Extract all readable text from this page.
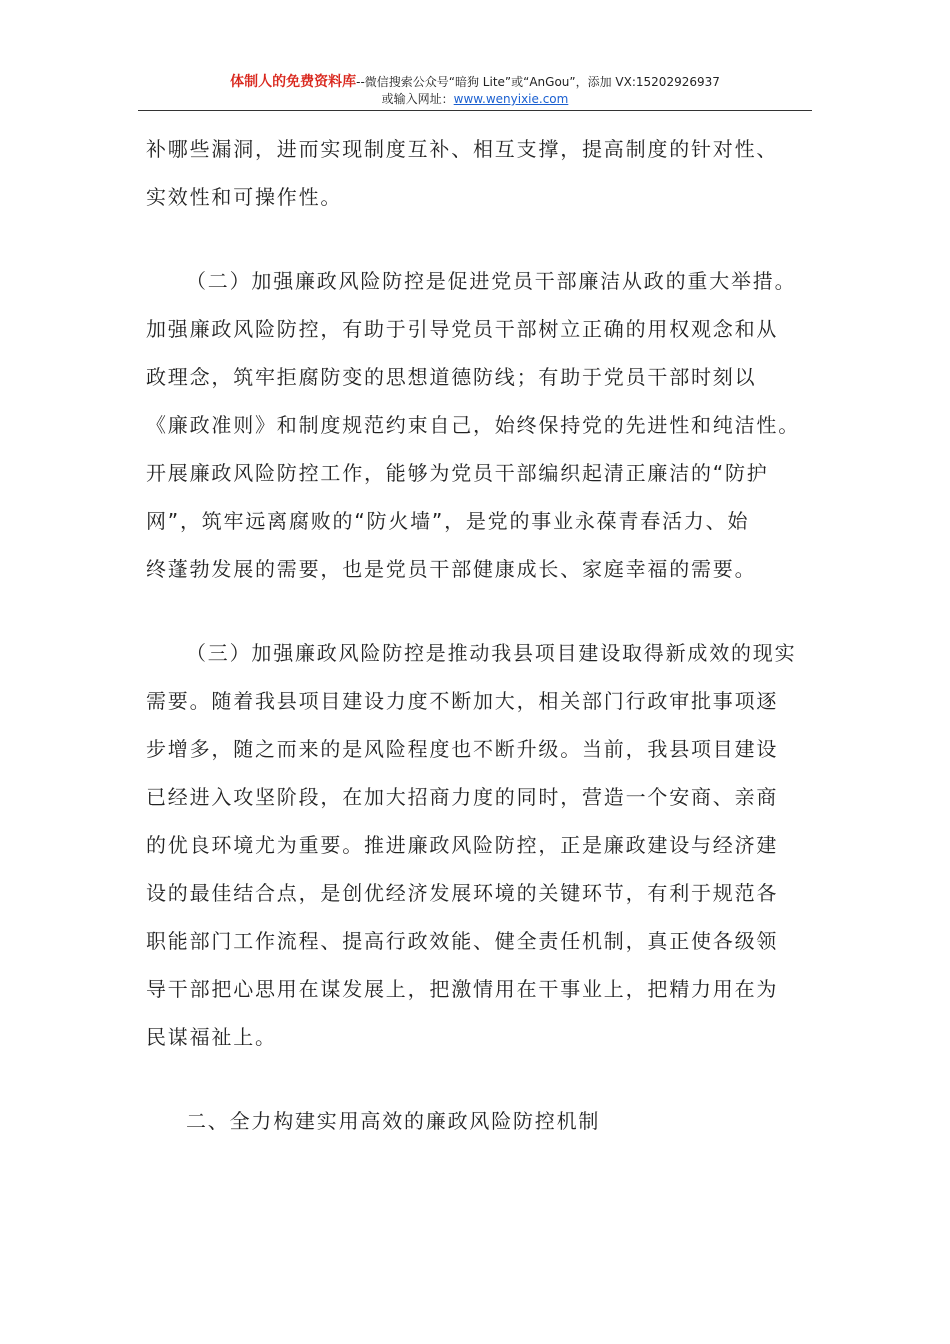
体制人的免费资料库--微信搜索公众号“暗狗 Lite”或“AnGou”，添加 VX:15202926937
或输入网址：www.wenyixie.com
补哪些漏洞，进而实现制度互补、相互支撑，提高制度的针对性、
实效性和可操作性。
（二）加强廉政风险防控是促进党员干部廉洁从政的重大举措。
加强廉政风险防控，有助于引导党员干部树立正确的用权观念和从
政理念，筑牢拒腐防变的思想道德防线；有助于党员干部时刻以
《廉政准则》和制度规范约束自己，始终保持党的先进性和纯洁性。
开展廉政风险防控工作，能够为党员干部编织起清正廉洁的“防护
网”，筑牢远离腐败的“防火墙”，是党的事业永葆青春活力、始
终蓬勃发展的需要，也是党员干部健康成长、家庭幸福的需要。
（三）加强廉政风险防控是推动我县项目建设取得新成效的现实
需要。随着我县项目建设力度不断加大，相关部门行政审批事项逐
步增多，随之而来的是风险程度也不断升级。当前，我县项目建设
已经进入攻坚阶段，在加大招商力度的同时，营造一个安商、亲商
的优良环境尤为重要。推进廉政风险防控，正是廉政建设与经济建
设的最佳结合点，是创优经济发展环境的关键环节，有利于规范各
职能部门工作流程、提高行政效能、健全责任机制，真正使各级领
导干部把心思用在谋发展上，把激情用在干事业上，把精力用在为
民谋福祉上。
二、全力构建实用高效的廉政风险防控机制
